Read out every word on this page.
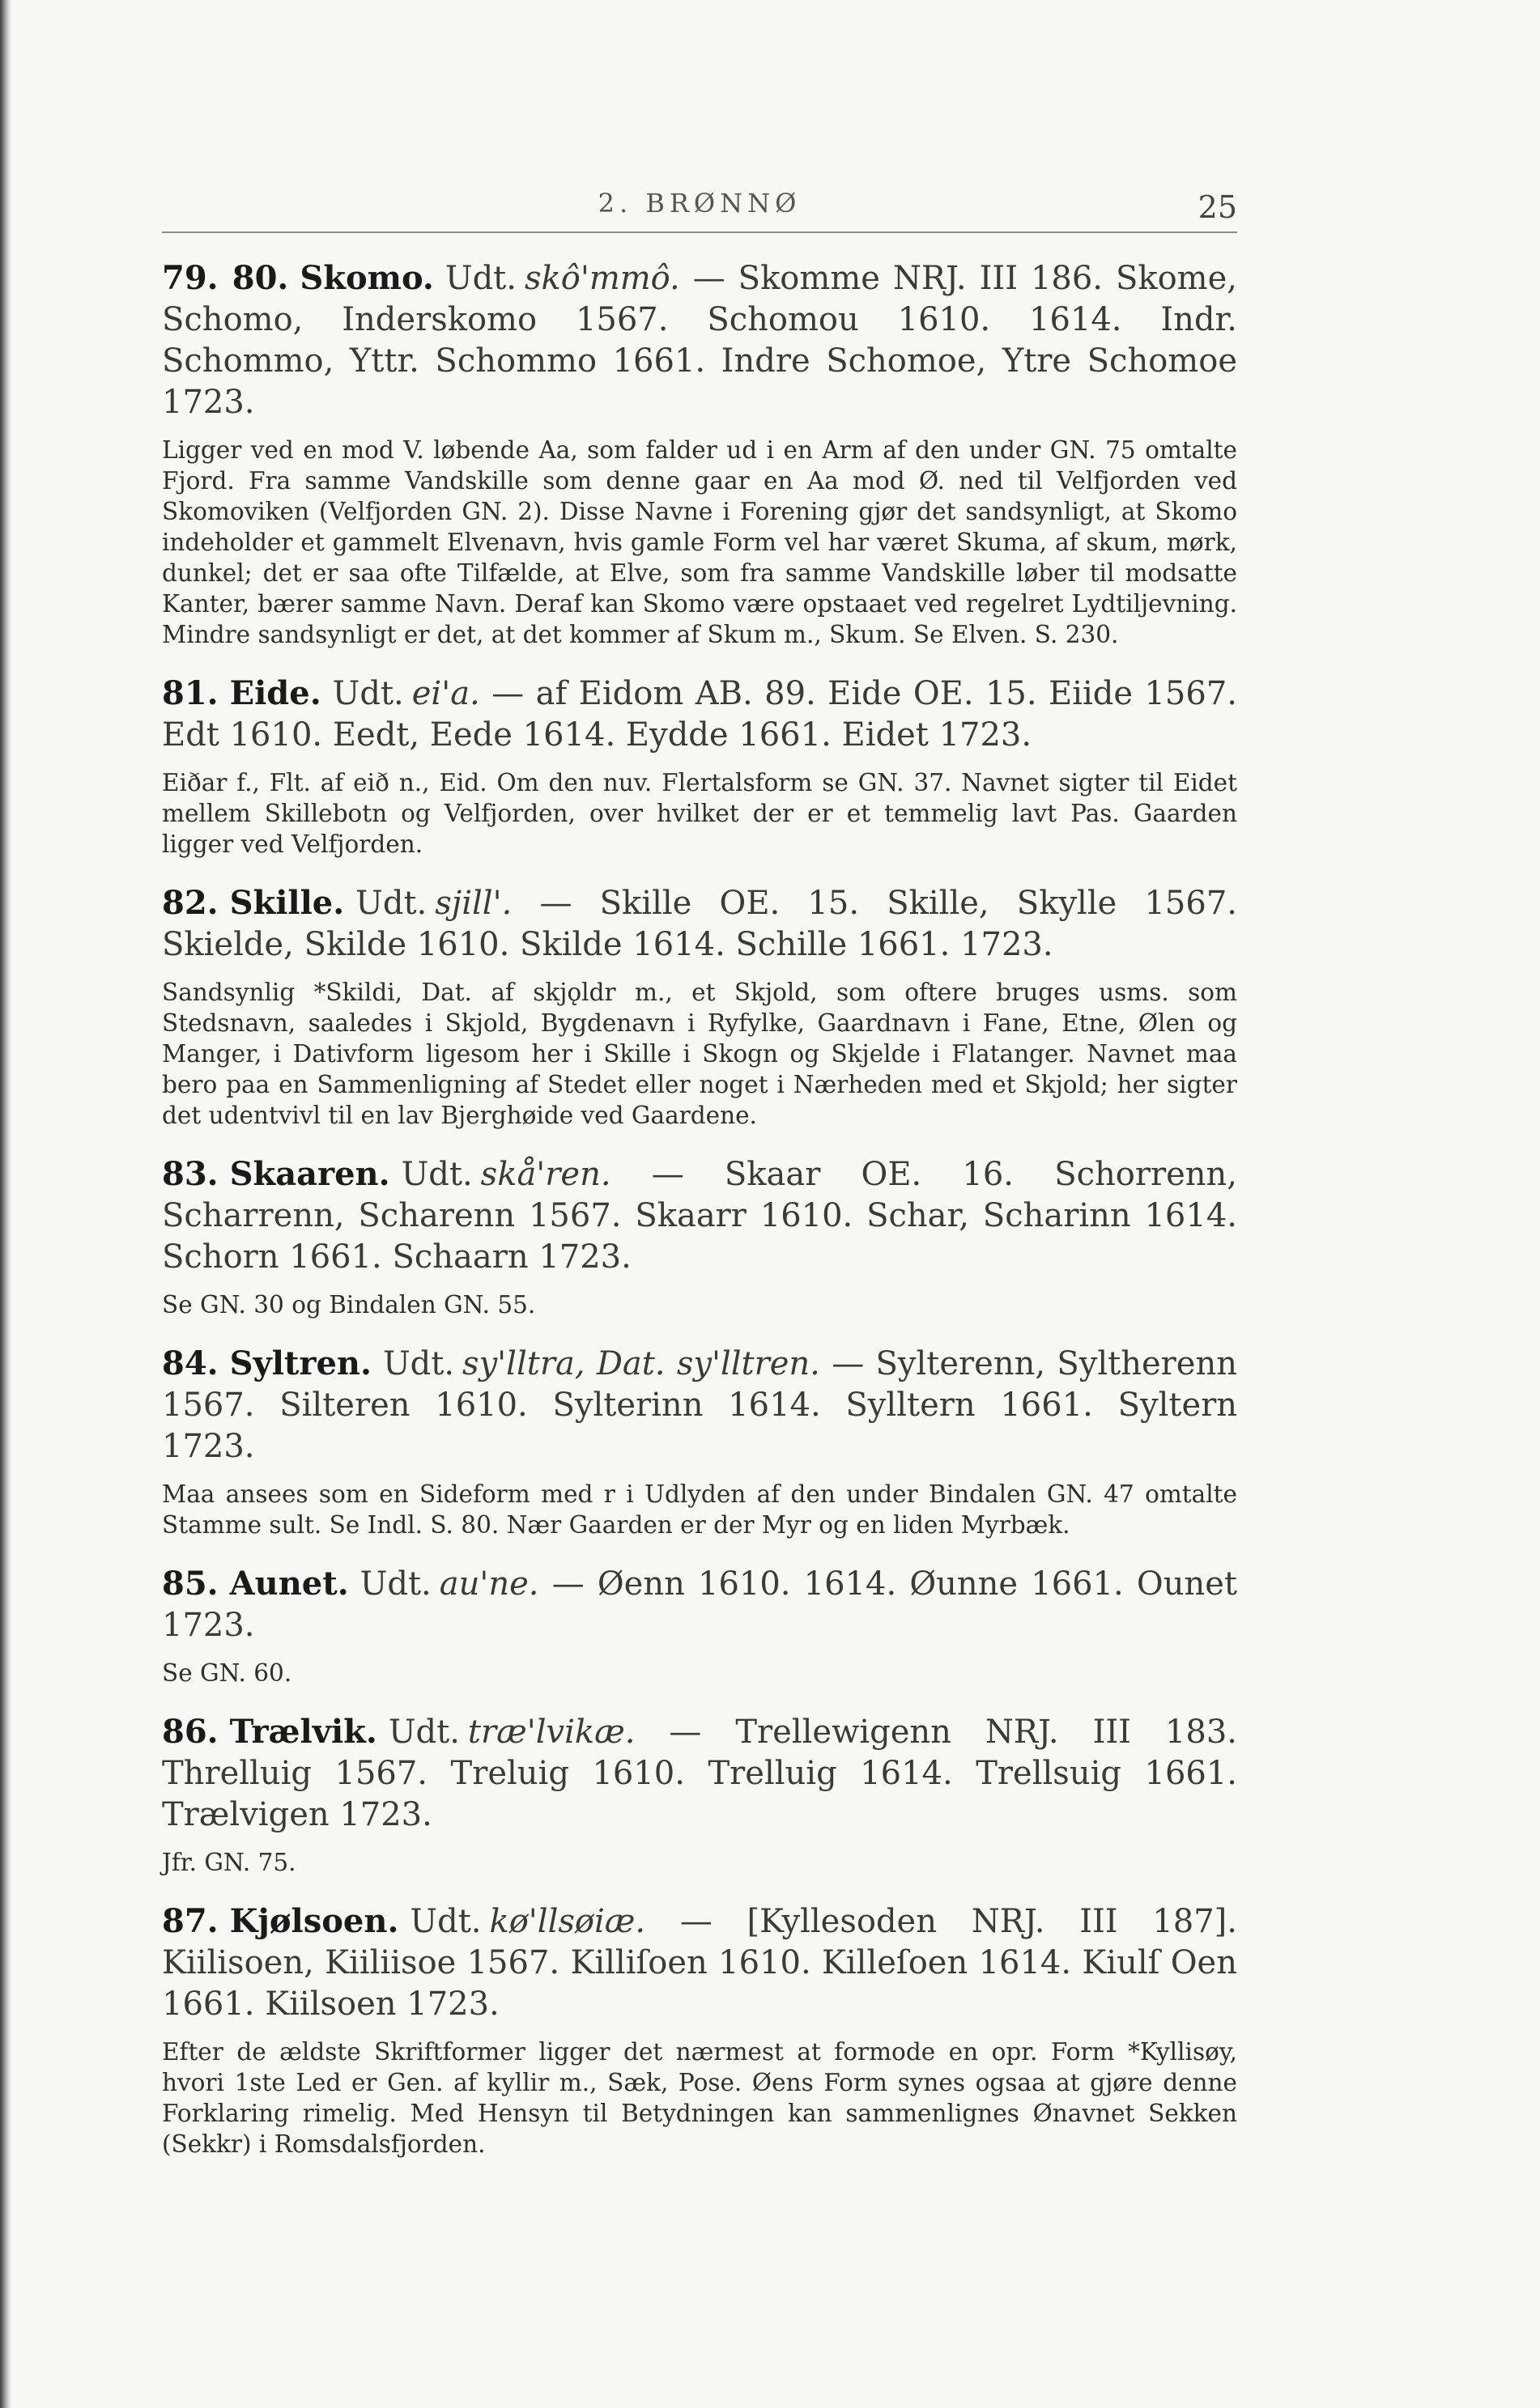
2. BRØNNØ	25

79. 80. Skomo. Udt. skô'mmô. — Skomme NRJ. III 186. Skome, Schomo, Inderskomo 1567. Schomou 1610. 1614. Indr. Schommo, Yttr. Schommo 1661. Indre Schomoe, Ytre Schomoe 1723.

Ligger ved en mod V. løbende Aa, som falder ud i en Arm af den under GN. 75 omtalte Fjord. Fra samme Vandskille som denne gaar en Aa mod Ø. ned til Velfjorden ved Skomoviken (Velfjorden GN. 2). Disse Navne i Forening gjør det sandsynligt, at Skomo indeholder et gammelt Elvenavn, hvis gamle Form vel har været Skuma, af skum, mørk, dunkel; det er saa ofte Tilfælde, at Elve, som fra samme Vandskille løber til modsatte Kanter, bærer samme Navn. Deraf kan Skomo være opstaaet ved regelret Lydtiljevning. Mindre sandsynligt er det, at det kommer af Skum m., Skum. Se Elven. S. 230.

81. Eide. Udt. ei'a. — af Eidom AB. 89. Eide OE. 15. Eiide 1567. Edt 1610. Eedt, Eede 1614. Eydde 1661. Eidet 1723.

Eiðar f., Flt. af eið n., Eid. Om den nuv. Flertalsform se GN. 37. Navnet sigter til Eidet mellem Skillebotn og Velfjorden, over hvilket der er et temmelig lavt Pas. Gaarden ligger ved Velfjorden.

82. Skille. Udt. sjill'. — Skille OE. 15. Skille, Skylle 1567. Skielde, Skilde 1610. Skilde 1614. Schille 1661. 1723.

Sandsynlig *Skildi, Dat. af skjǫldr m., et Skjold, som oftere bruges usms. som Stedsnavn, saaledes i Skjold, Bygdenavn i Ryfylke, Gaardnavn i Fane, Etne, Ølen og Manger, i Dativform ligesom her i Skille i Skogn og Skjelde i Flatanger. Navnet maa bero paa en Sammenligning af Stedet eller noget i Nærheden med et Skjold; her sigter det udentvivl til en lav Bjerghøide ved Gaardene.

83. Skaaren. Udt. skå'ren. — Skaar OE. 16. Schorrenn, Scharrenn, Scharenn 1567. Skaarr 1610. Schar, Scharinn 1614. Schorn 1661. Schaarn 1723.

Se GN. 30 og Bindalen GN. 55.

84. Syltren. Udt. sy'lltra, Dat. sy'lltren. — Sylterenn, Syltherenn 1567. Silteren 1610. Sylterinn 1614. Sylltern 1661. Syltern 1723.

Maa ansees som en Sideform med r i Udlyden af den under Bindalen GN. 47 omtalte Stamme sult. Se Indl. S. 80. Nær Gaarden er der Myr og en liden Myrbæk.

85. Aunet. Udt. au'ne. — Øenn 1610. 1614. Øunne 1661. Ounet 1723.

Se GN. 60.

86. Trælvik. Udt. træ'lvikæ. — Trellewigenn NRJ. III 183. Threlluig 1567. Treluig 1610. Trelluig 1614. Trellsuig 1661. Trælvigen 1723.

Jfr. GN. 75.

87. Kjølsoen. Udt. kø'llsøiæ. — [Kyllesoden NRJ. III 187]. Kiilisoen, Kiiliisoe 1567. Killiſoen 1610. Killeſoen 1614. Kiulſ Oen 1661. Kiilsoen 1723.

Efter de ældste Skriftformer ligger det nærmest at formode en opr. Form *Kyllisøy, hvori 1ste Led er Gen. af kyllir m., Sæk, Pose. Øens Form synes ogsaa at gjøre denne Forklaring rimelig. Med Hensyn til Betydningen kan sammenlignes Ønavnet Sekken (Sekkr) i Romsdalsfjorden.
